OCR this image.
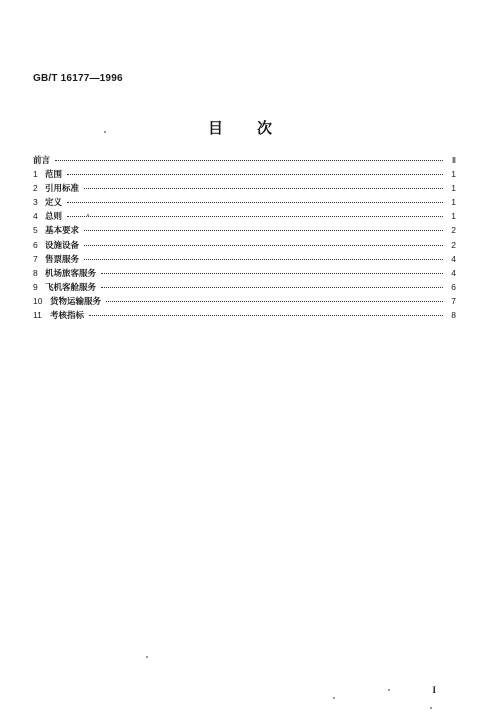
GB/T 16177—1996
目次
前言	Ⅱ
1 范围	1
2 引用标准	1
3 定义	1
4 总则	1
5 基本要求	2
6 设施设备	2
7 售票服务	4
8 机场旅客服务	4
9 飞机客舱服务	6
10 货物运输服务	7
11 考核指标	8
I
